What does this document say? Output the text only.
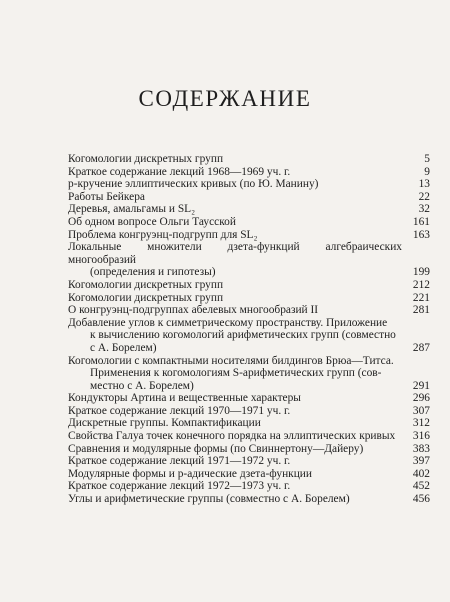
СОДЕРЖАНИЕ
Когомологии дискретных групп	5
Краткое содержание лекций 1968—1969 уч. г.	9
p-кручение эллиптических кривых (по Ю. Манину)	13
Работы Бейкера	22
Деревья, амальгамы и SL₂	32
Об одном вопросе Ольги Таусской	161
Проблема конгруэнц-подгрупп для SL₂	163
Локальные множители дзета-функций алгебраических многообразий
(определения и гипотезы)	199
Когомологии дискретных групп	212
Когомологии дискретных групп	221
О конгруэнц-подгруппах абелевых многообразий II	281
Добавление углов к симметрическому пространству. Приложение
к вычислению когомологий арифметических групп (совместно
с А. Борелем)	287
Когомологии с компактными носителями билдингов Брюа—Титса.
Применения к когомологиям S-арифметических групп (сов-
местно с А. Борелем)	291
Кондукторы Артина и вещественные характеры	296
Краткое содержание лекций 1970—1971 уч. г.	307
Дискретные группы. Компактификации	312
Свойства Галуа точек конечного порядка на эллиптических кривых	316
Сравнения и модулярные формы (по Свиннертону—Дайеру)	383
Краткое содержание лекций 1971—1972 уч. г.	397
Модулярные формы и p-адические дзета-функции	402
Краткое содержание лекций 1972—1973 уч. г.	452
Углы и арифметические группы (совместно с А. Борелем)	456
